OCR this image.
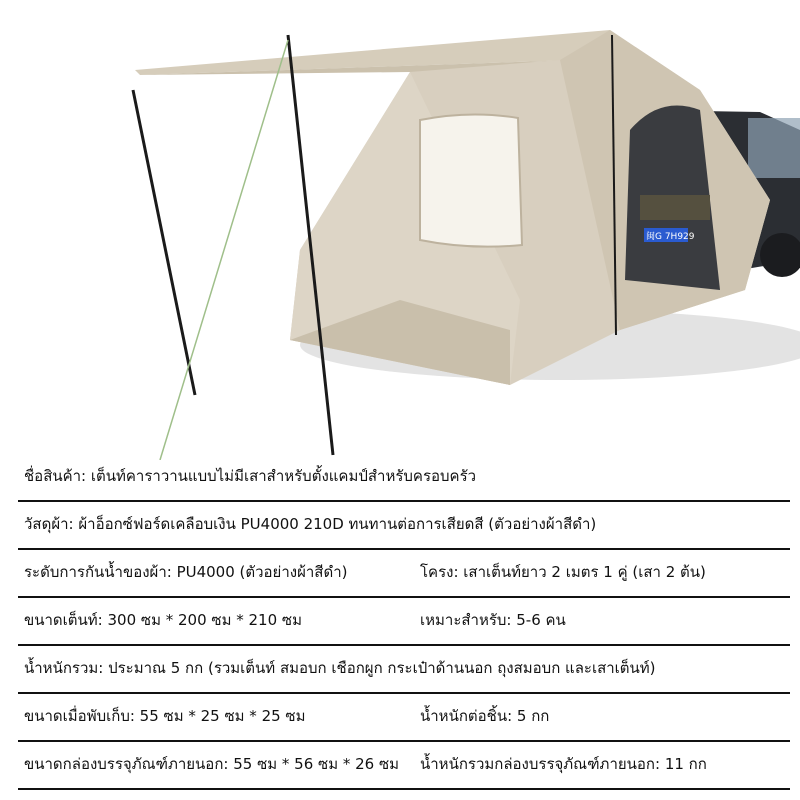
闽G 7H929
ชื่อสินค้า: เต็นท์คาราวานแบบไม่มีเสาสำหรับตั้งแคมป์สำหรับครอบครัว
วัสดุผ้า: ผ้าอ็อกซ์ฟอร์ดเคลือบเงิน PU4000 210D ทนทานต่อการเสียดสี (ตัวอย่างผ้าสีดำ)
ระดับการกันน้ำของผ้า: PU4000 (ตัวอย่างผ้าสีดำ)	โครง: เสาเต็นท์ยาว 2 เมตร 1 คู่ (เสา 2 ต้น)
ขนาดเต็นท์: 300 ซม * 200 ซม * 210 ซม	เหมาะสำหรับ: 5-6 คน
น้ำหนักรวม: ประมาณ 5 กก (รวมเต็นท์ สมอบก เชือกผูก กระเป๋าด้านนอก ถุงสมอบก และเสาเต็นท์)
ขนาดเมื่อพับเก็บ: 55 ซม * 25 ซม * 25 ซม	น้ำหนักต่อชิ้น: 5 กก
ขนาดกล่องบรรจุภัณฑ์ภายนอก: 55 ซม * 56 ซม * 26 ซม น้ำหนักรวมกล่องบรรจุภัณฑ์ภายนอก: 11 กก
